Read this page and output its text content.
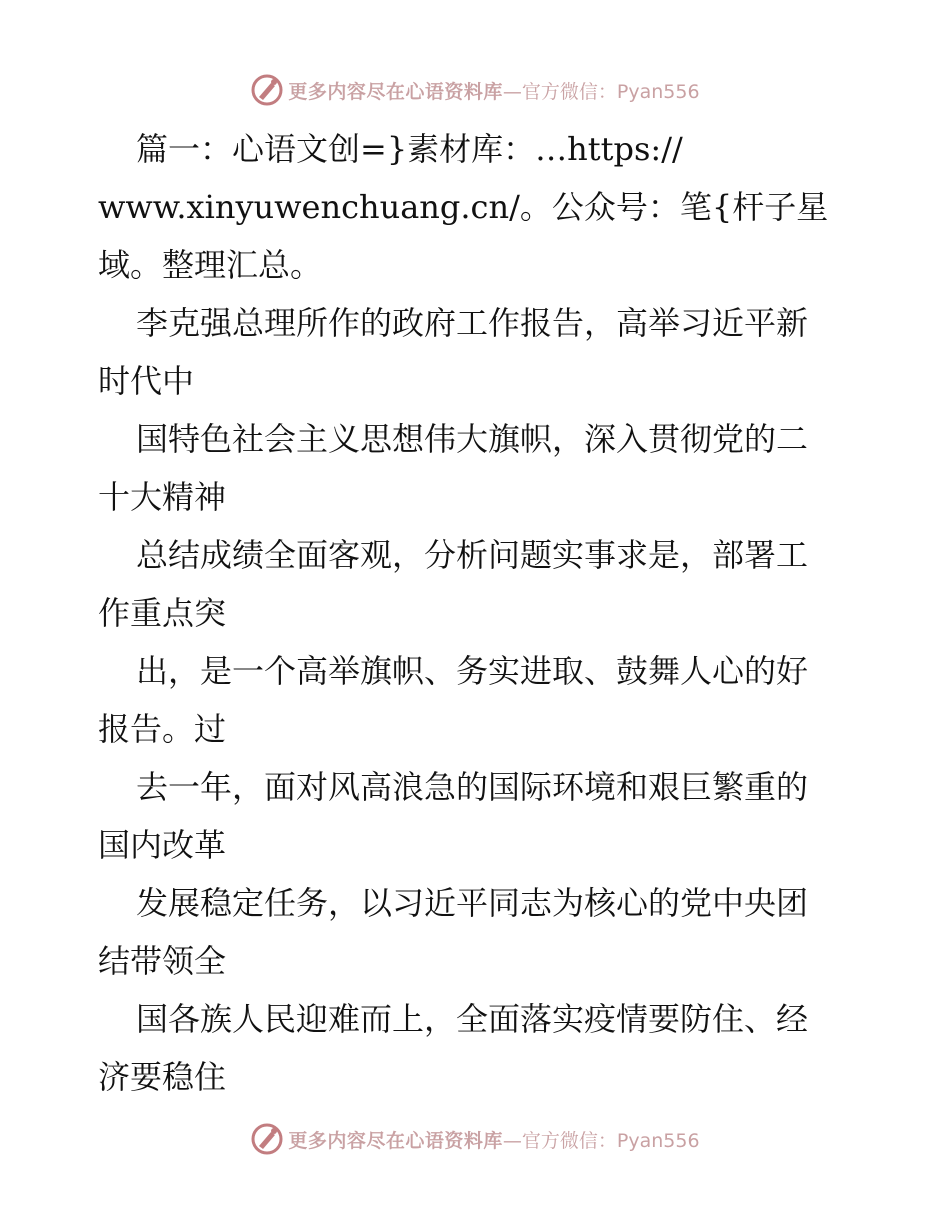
更多内容尽在心语资料库 —官方微信：Pyan556

篇一：心语文创=}素材库：…https://
www.xinyuwenchuang.cn/。公众号：笔{杆子星
域。整理汇总。

李克强总理所作的政府工作报告，高举习近平新
时代中

国特色社会主义思想伟大旗帜，深入贯彻党的二
十大精神

总结成绩全面客观，分析问题实事求是，部署工
作重点突

出，是一个高举旗帜、务实进取、鼓舞人心的好
报告。过

去一年，面对风高浪急的国际环境和艰巨繁重的
国内改革

发展稳定任务，以习近平同志为核心的党中央团
结带领全

国各族人民迎难而上，全面落实疫情要防住、经
济要稳住

更多内容尽在心语资料库 —官方微信：Pyan556
